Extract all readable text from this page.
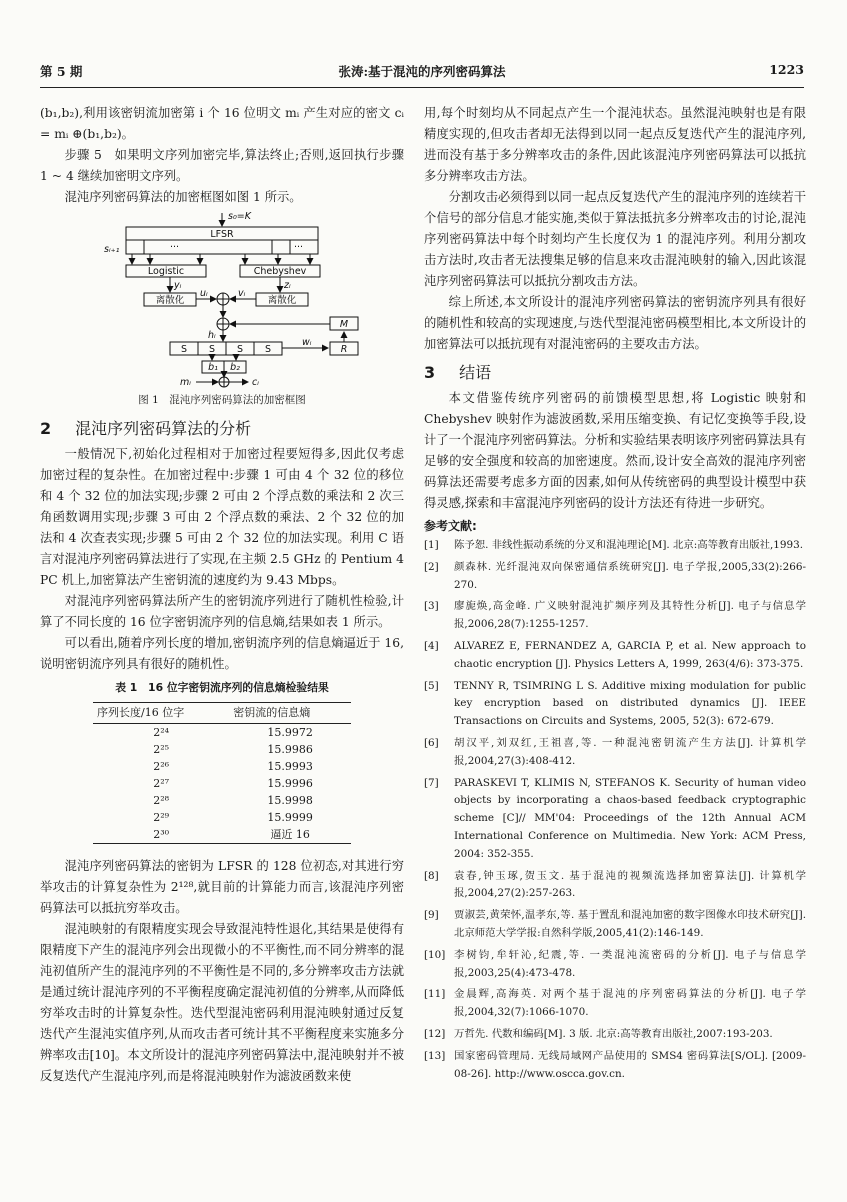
第 5 期	张涛:基于混沌的序列密码算法	1223

(b₁,b₂),利用该密钥流加密第 i 个 16 位明文 mᵢ 产生对应的密文 cᵢ = mᵢ ⊕(b₁,b₂)。

步骤 5　如果明文序列加密完毕,算法终止;否则,返回执行步骤 1 ~ 4 继续加密明文序列。

混沌序列密码算法的加密框图如图 1 所示。

s₀=K
LFSR
sᵢ₊₁	···	···
Logistic	Chebyshev
yᵢ	zᵢ
离散化	离散化
uᵢ	vᵢ
M
hᵢ
S S S S	R
wᵢ
b₁ b₂
mᵢ	cᵢ
图 1　混沌序列密码算法的加密框图
2 混沌序列密码算法的分析

一般情况下,初始化过程相对于加密过程要短得多,因此仅考虑加密过程的复杂性。在加密过程中:步骤 1 可由 4 个 32 位的移位和 4 个 32 位的加法实现;步骤 2 可由 2 个浮点数的乘法和 2 次三角函数调用实现;步骤 3 可由 2 个浮点数的乘法、2 个 32 位的加法和 4 次查表实现;步骤 5 可由 2 个 32 位的加法实现。利用 C 语言对混沌序列密码算法进行了实现,在主频 2.5 GHz 的 Pentium 4 PC 机上,加密算法产生密钥流的速度约为 9.43 Mbps。

对混沌序列密码算法所产生的密钥流序列进行了随机性检验,计算了不同长度的 16 位字密钥流序列的信息熵,结果如表 1 所示。

可以看出,随着序列长度的增加,密钥流序列的信息熵逼近于 16,说明密钥流序列具有很好的随机性。

表 1　16 位字密钥流序列的信息熵检验结果
序列长度/16 位字	密钥流的信息熵
2²⁴	15.9972
2²⁵	15.9986
2²⁶	15.9993
2²⁷	15.9996
2²⁸	15.9998
2²⁹	15.9999
2³⁰	逼近 16

混沌序列密码算法的密钥为 LFSR 的 128 位初态,对其进行穷举攻击的计算复杂性为 2¹²⁸,就目前的计算能力而言,该混沌序列密码算法可以抵抗穷举攻击。

混沌映射的有限精度实现会导致混沌特性退化,其结果是使得有限精度下产生的混沌序列会出现微小的不平衡性,而不同分辨率的混沌初值所产生的混沌序列的不平衡性是不同的,多分辨率攻击方法就是通过统计混沌序列的不平衡程度确定混沌初值的分辨率,从而降低穷举攻击时的计算复杂性。迭代型混沌密码利用混沌映射通过反复迭代产生混沌实值序列,从而攻击者可统计其不平衡程度来实施多分辨率攻击[10]。本文所设计的混沌序列密码算法中,混沌映射并不被反复迭代产生混沌序列,而是将混沌映射作为滤波函数来使

用,每个时刻均从不同起点产生一个混沌状态。虽然混沌映射也是有限精度实现的,但攻击者却无法得到以同一起点反复迭代产生的混沌序列,进而没有基于多分辨率攻击的条件,因此该混沌序列密码算法可以抵抗多分辨率攻击方法。

分割攻击必须得到以同一起点反复迭代产生的混沌序列的连续若干个信号的部分信息才能实施,类似于算法抵抗多分辨率攻击的讨论,混沌序列密码算法中每个时刻均产生长度仅为 1 的混沌序列。利用分割攻击方法时,攻击者无法搜集足够的信息来攻击混沌映射的输入,因此该混沌序列密码算法可以抵抗分割攻击方法。

综上所述,本文所设计的混沌序列密码算法的密钥流序列具有很好的随机性和较高的实现速度,与迭代型混沌密码模型相比,本文所设计的加密算法可以抵抗现有对混沌密码的主要攻击方法。

3 结语

本文借鉴传统序列密码的前馈模型思想,将 Logistic 映射和 Chebyshev 映射作为滤波函数,采用压缩变换、有记忆变换等手段,设计了一个混沌序列密码算法。分析和实验结果表明该序列密码算法具有足够的安全强度和较高的加密速度。然而,设计安全高效的混沌序列密码算法还需要考虑多方面的因素,如何从传统密码的典型设计模型中获得灵感,探索和丰富混沌序列密码的设计方法还有待进一步研究。

参考文献:
[1]	陈予恕. 非线性振动系统的分叉和混沌理论[M]. 北京:高等教育出版社,1993.
[2]	颜森林. 光纤混沌双向保密通信系统研究[J]. 电子学报,2005,33(2):266-270.
[3]	廖旎焕,高金峰. 广义映射混沌扩频序列及其特性分析[J]. 电子与信息学报,2006,28(7):1255-1257.
[4]	ALVAREZ E, FERNANDEZ A, GARCIA P, et al. New approach to chaotic encryption [J]. Physics Letters A, 1999, 263(4/6): 373-375.
[5]	TENNY R, TSIMRING L S. Additive mixing modulation for public key encryption based on distributed dynamics [J]. IEEE Transactions on Circuits and Systems, 2005, 52(3): 672-679.
[6]	胡汉平,刘双红,王祖喜,等. 一种混沌密钥流产生方法[J]. 计算机学报,2004,27(3):408-412.
[7]	PARASKEVI T, KLIMIS N, STEFANOS K. Security of human video objects by incorporating a chaos-based feedback cryptographic scheme [C]// MM'04: Proceedings of the 12th Annual ACM International Conference on Multimedia. New York: ACM Press, 2004: 352-355.
[8]	袁春,钟玉琢,贺玉文. 基于混沌的视频流选择加密算法[J]. 计算机学报,2004,27(2):257-263.
[9]	贾淑芸,黄荣怀,温孝东,等. 基于置乱和混沌加密的数字图像水印技术研究[J]. 北京师范大学学报:自然科学版,2005,41(2):146-149.
[10] 李树钧,牟轩沁,纪震,等. 一类混沌流密码的分析[J]. 电子与信息学报,2003,25(4):473-478.
[11] 金晨辉,高海英. 对两个基于混沌的序列密码算法的分析[J]. 电子学报,2004,32(7):1066-1070.
[12] 万哲先. 代数和编码[M]. 3 版. 北京:高等教育出版社,2007:193-203.
[13] 国家密码管理局. 无线局域网产品使用的 SMS4 密码算法[S/OL]. [2009-08-26]. http://www.oscca.gov.cn.
